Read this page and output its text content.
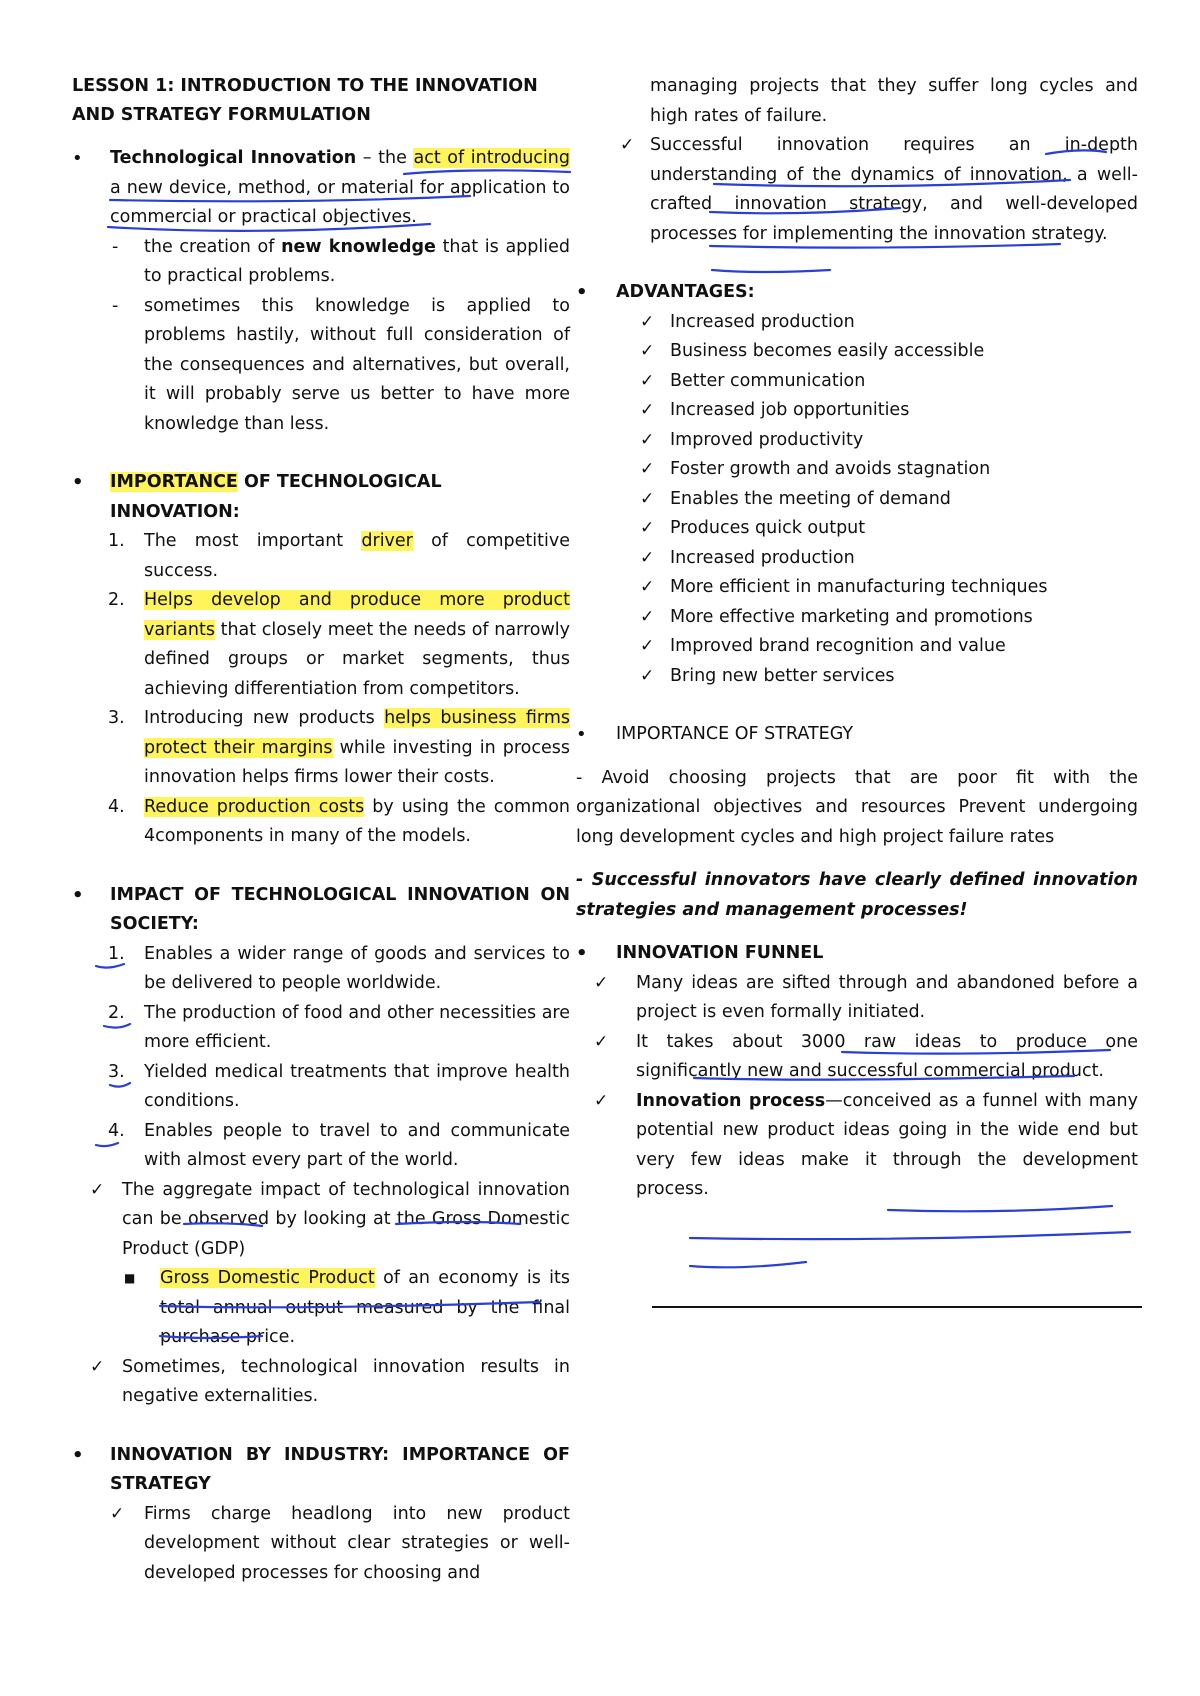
LESSON 1: INTRODUCTION TO THE INNOVATION AND STRATEGY FORMULATION

• Technological Innovation – the act of introducing a new device, method, or material for application to commercial or practical objectives.
- the creation of new knowledge that is applied to practical problems.
- sometimes this knowledge is applied to problems hastily, without full consideration of the consequences and alternatives, but overall, it will probably serve us better to have more knowledge than less.
• IMPORTANCE OF TECHNOLOGICAL INNOVATION:
1.	The most important driver of competitive success.
2.	Helps develop and produce more product variants that closely meet the needs of narrowly defined groups or market segments, thus achieving differentiation from competitors.
3.	Introducing new products helps business firms protect their margins while investing in process innovation helps firms lower their costs.
4.	Reduce production costs by using the common 4components in many of the models.
• IMPACT OF TECHNOLOGICAL INNOVATION ON SOCIETY:
1.	Enables a wider range of goods and services to be delivered to people worldwide.
2.	The production of food and other necessities are more efficient.
3.	Yielded medical treatments that improve health conditions.
4.	Enables people to travel to and communicate with almost every part of the world.
✓ The aggregate impact of technological innovation can be observed by looking at the Gross Domestic Product (GDP)
■ Gross Domestic Product of an economy is its total annual output measured by the final purchase price.
✓ Sometimes, technological innovation results in negative externalities.
• INNOVATION BY INDUSTRY: IMPORTANCE OF STRATEGY
✓ Firms charge headlong into new product development without clear strategies or well-developed processes for choosing and
managing projects that they suffer long cycles and high rates of failure.
✓ Successful innovation requires an in-depth understanding of the dynamics of innovation, a well-crafted innovation strategy, and well-developed processes for implementing the innovation strategy.
• ADVANTAGES:
✓ Increased production
✓ Business becomes easily accessible
✓ Better communication
✓ Increased job opportunities
✓ Improved productivity
✓ Foster growth and avoids stagnation
✓ Enables the meeting of demand
✓ Produces quick output
✓ Increased production
✓ More efficient in manufacturing techniques
✓ More effective marketing and promotions
✓ Improved brand recognition and value
✓ Bring new better services
• IMPORTANCE OF STRATEGY

- Avoid choosing projects that are poor fit with the organizational objectives and resources Prevent undergoing long development cycles and high project failure rates

- Successful innovators have clearly defined innovation strategies and management processes!

• INNOVATION FUNNEL
✓ Many ideas are sifted through and abandoned before a project is even formally initiated.
✓ It takes about 3000 raw ideas to produce one significantly new and successful commercial product.
✓ Innovation process—conceived as a funnel with many potential new product ideas going in the wide end but very few ideas make it through the development process.
